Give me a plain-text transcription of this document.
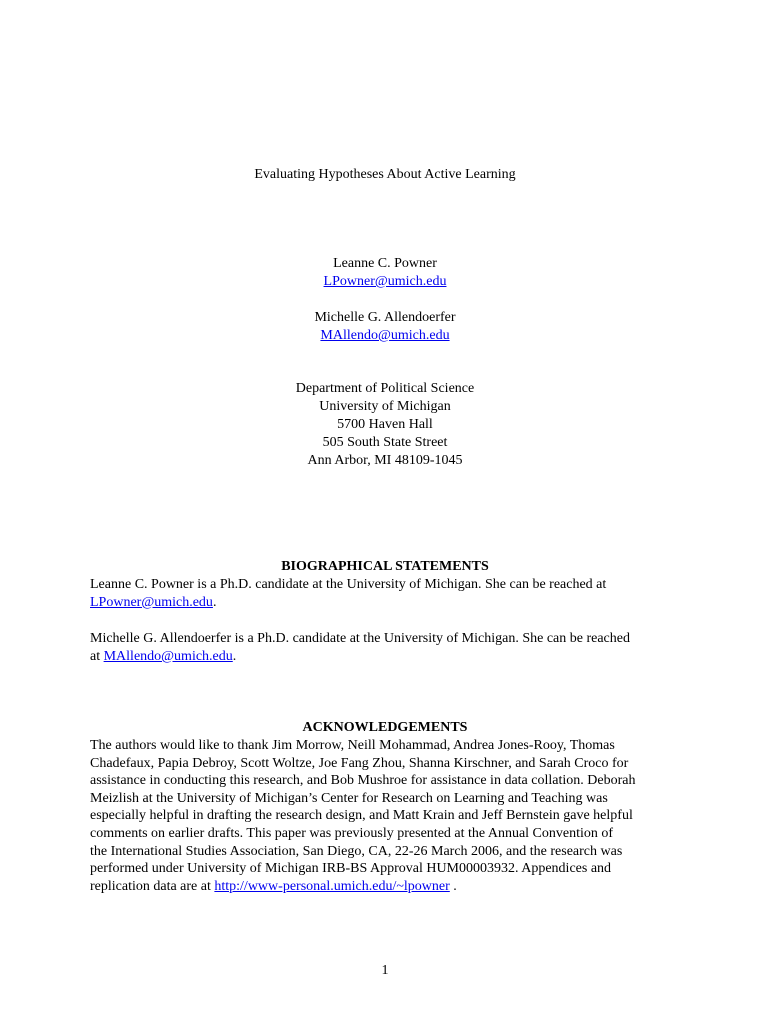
Evaluating Hypotheses About Active Learning
Leanne C. Powner
LPowner@umich.edu
Michelle G. Allendoerfer
MAllendo@umich.edu
Department of Political Science
University of Michigan
5700 Haven Hall
505 South State Street
Ann Arbor, MI 48109-1045
BIOGRAPHICAL STATEMENTS
Leanne C. Powner is a Ph.D. candidate at the University of Michigan. She can be reached at
LPowner@umich.edu.
Michelle G. Allendoerfer is a Ph.D. candidate at the University of Michigan. She can be reached
at MAllendo@umich.edu.
ACKNOWLEDGEMENTS
The authors would like to thank Jim Morrow, Neill Mohammad, Andrea Jones-Rooy, Thomas
Chadefaux, Papia Debroy, Scott Woltze, Joe Fang Zhou, Shanna Kirschner, and Sarah Croco for
assistance in conducting this research, and Bob Mushroe for assistance in data collation. Deborah
Meizlish at the University of Michigan’s Center for Research on Learning and Teaching was
especially helpful in drafting the research design, and Matt Krain and Jeff Bernstein gave helpful
comments on earlier drafts. This paper was previously presented at the Annual Convention of
the International Studies Association, San Diego, CA, 22-26 March 2006, and the research was
performed under University of Michigan IRB-BS Approval HUM00003932. Appendices and
replication data are at http://www-personal.umich.edu/~lpowner .
1
